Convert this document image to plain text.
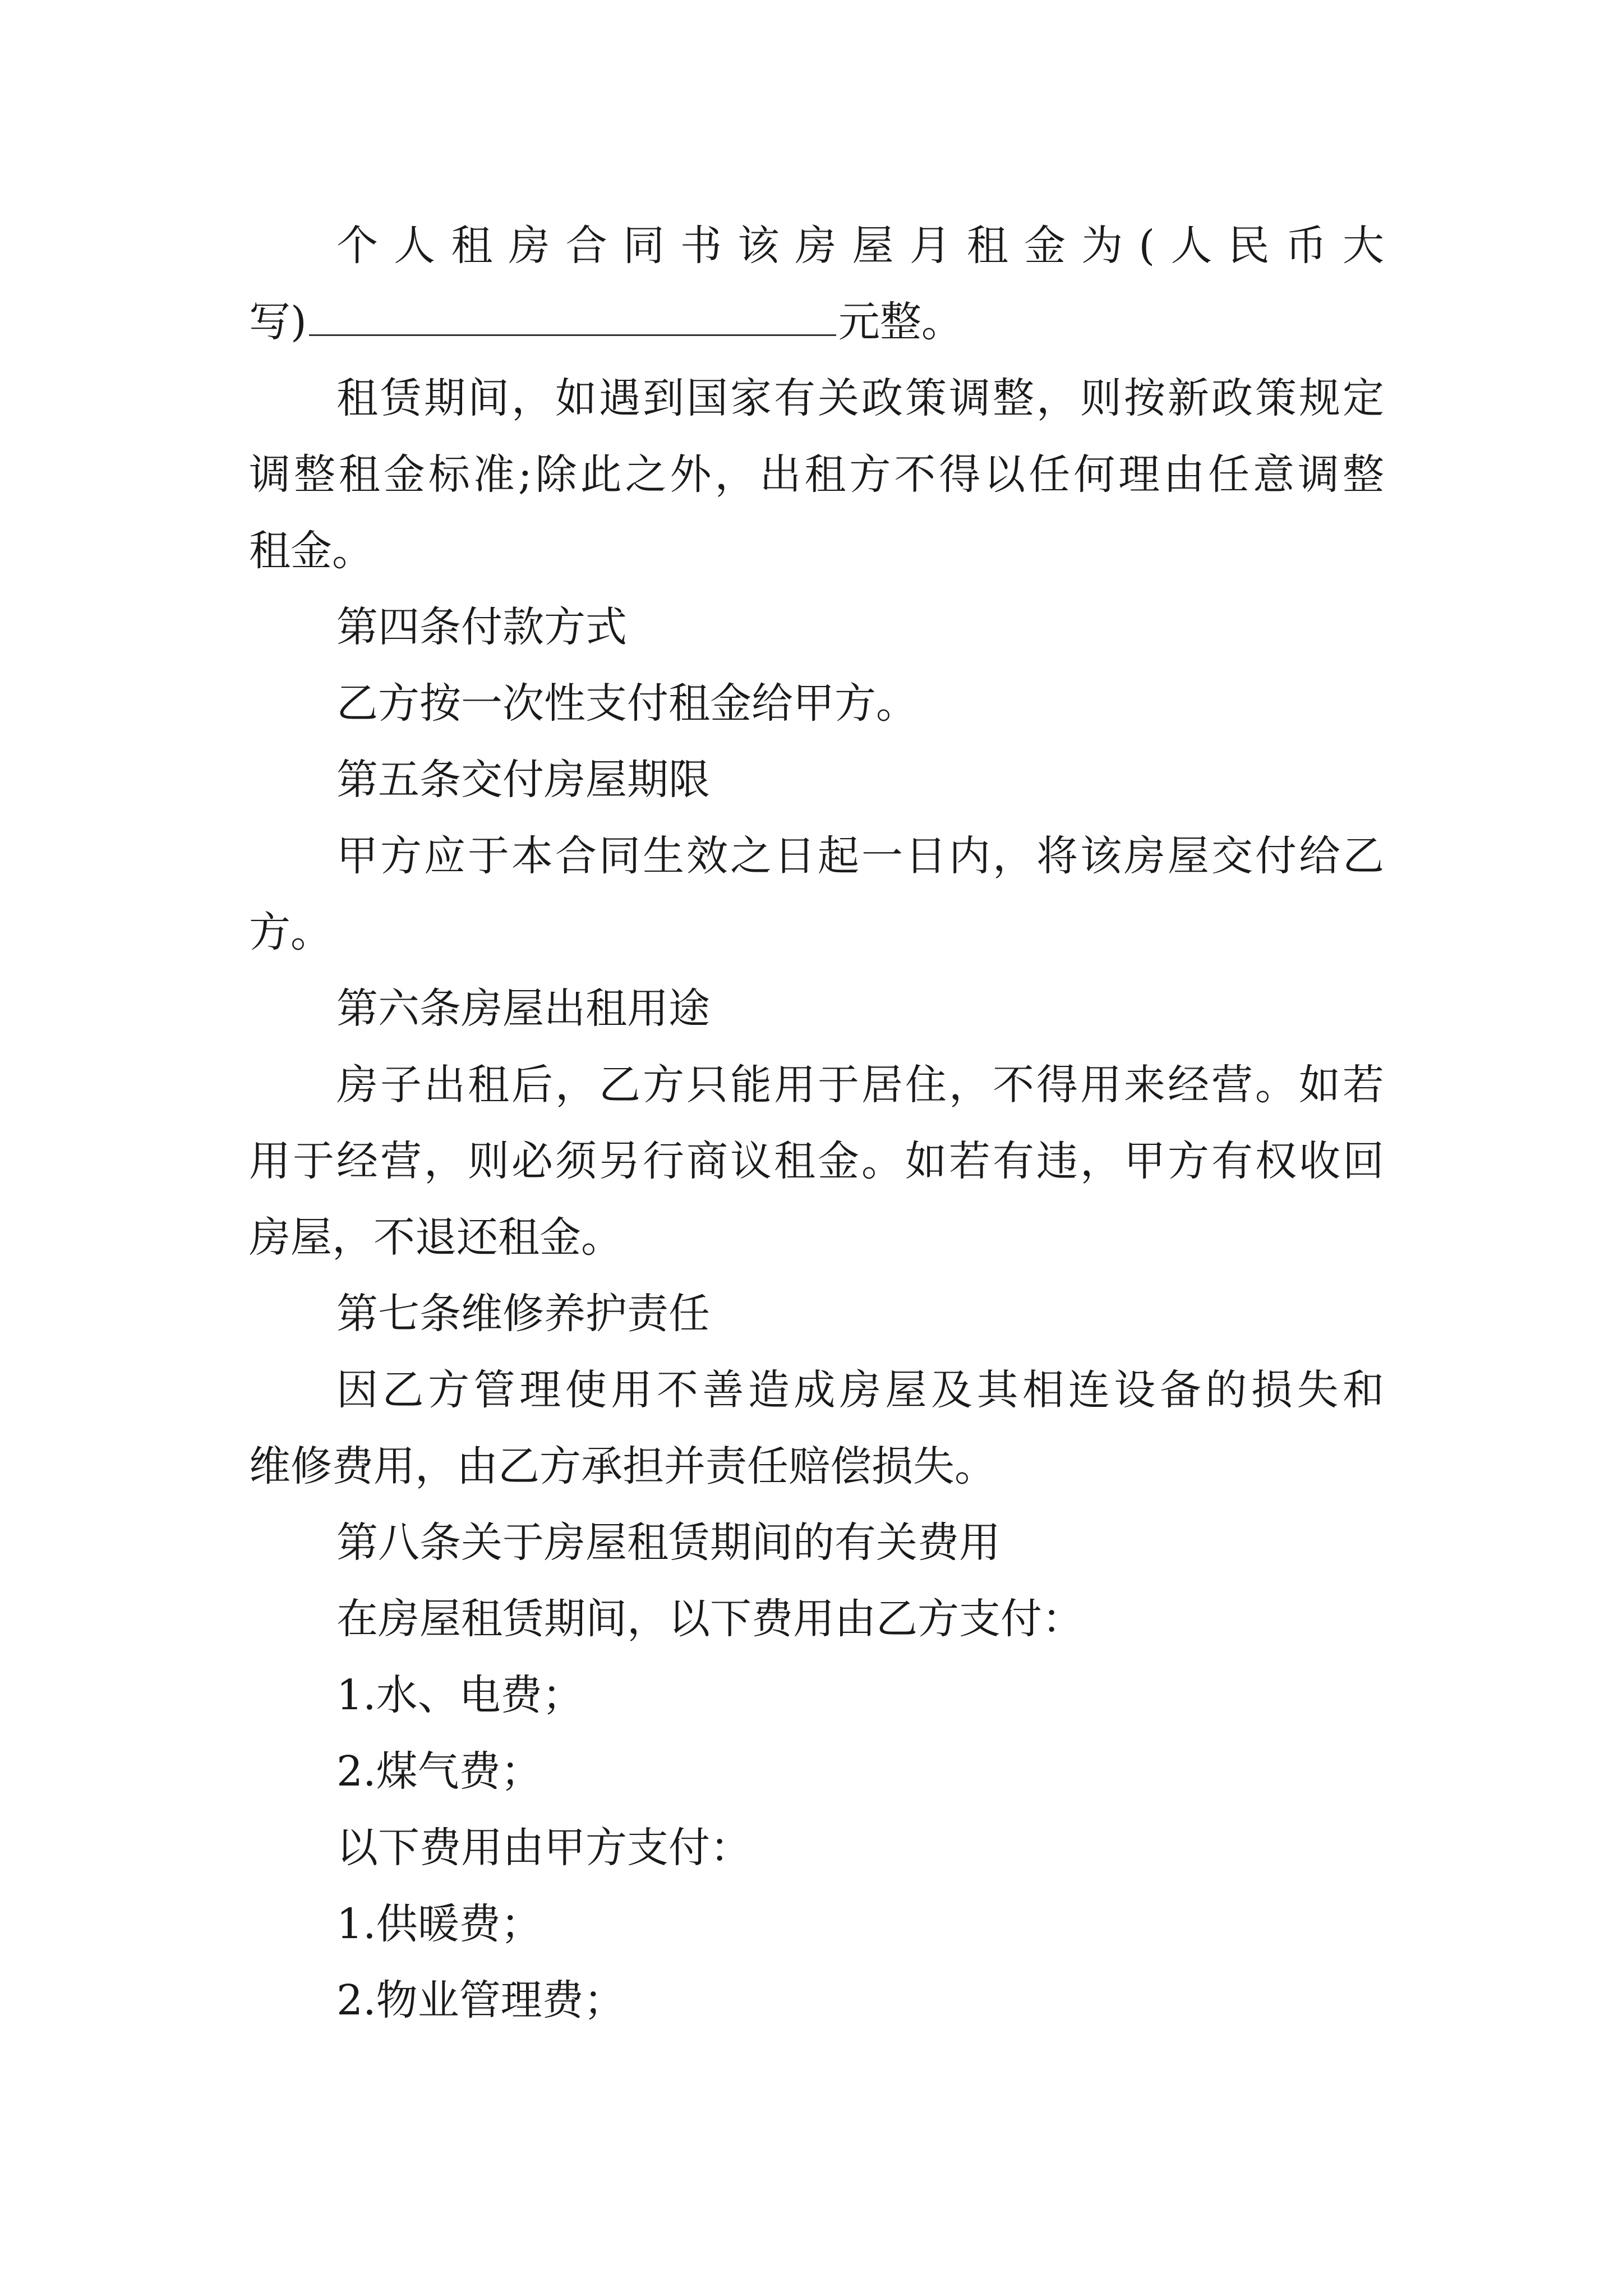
个人租房合同书该房屋月租金为(人民币大

写)	元整。

租赁期间，如遇到国家有关政策调整，则按新政策规定

调整租金标准;除此之外，出租方不得以任何理由任意调整

租金。

第四条付款方式

乙方按一次性支付租金给甲方。

第五条交付房屋期限

甲方应于本合同生效之日起一日内，将该房屋交付给乙

方。

第六条房屋出租用途

房子出租后，乙方只能用于居住，不得用来经营。如若

用于经营，则必须另行商议租金。如若有违，甲方有权收回

房屋，不退还租金。

第七条维修养护责任

因乙方管理使用不善造成房屋及其相连设备的损失和

维修费用，由乙方承担并责任赔偿损失。

第八条关于房屋租赁期间的有关费用

在房屋租赁期间，以下费用由乙方支付：

1.水、电费；

2.煤气费；

以下费用由甲方支付：

1.供暖费；

2.物业管理费；
